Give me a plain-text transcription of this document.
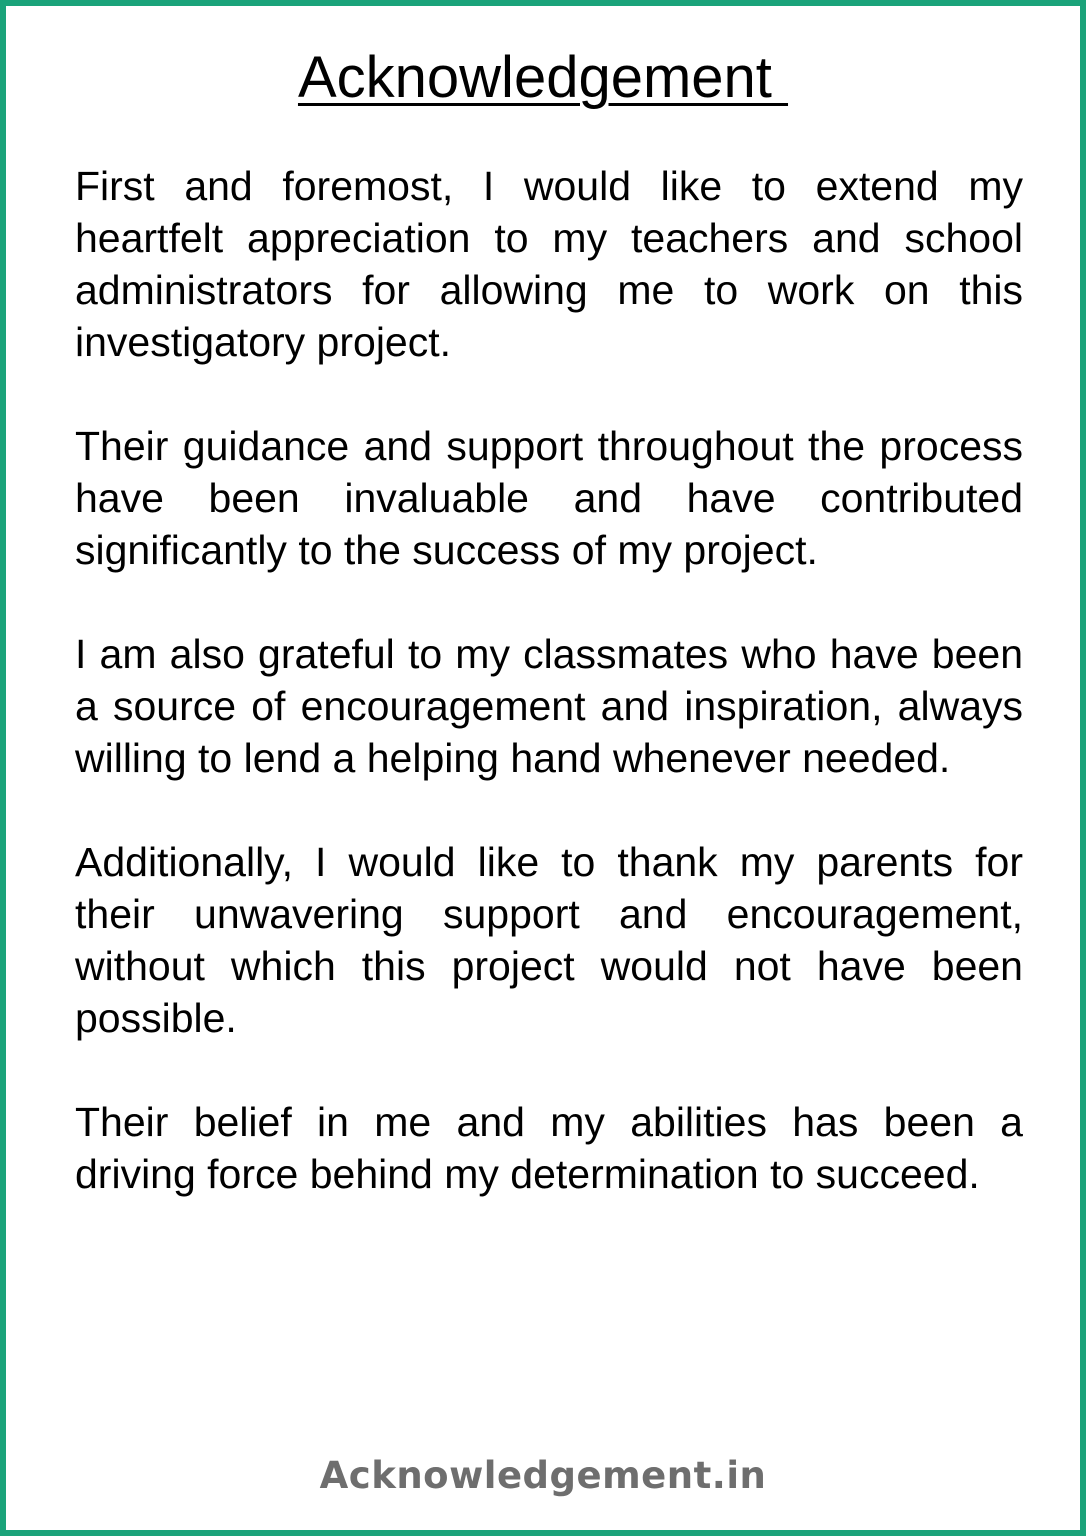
Acknowledgement

First and foremost, I would like to extend my heartfelt appreciation to my teachers and school administrators for allowing me to work on this investigatory project.

Their guidance and support throughout the process have been invaluable and have contributed significantly to the success of my project.

I am also grateful to my classmates who have been a source of encouragement and inspiration, always willing to lend a helping hand whenever needed.

Additionally, I would like to thank my parents for their unwavering support and encouragement, without which this project would not have been possible.

Their belief in me and my abilities has been a driving force behind my determination to succeed.

Acknowledgement.in
